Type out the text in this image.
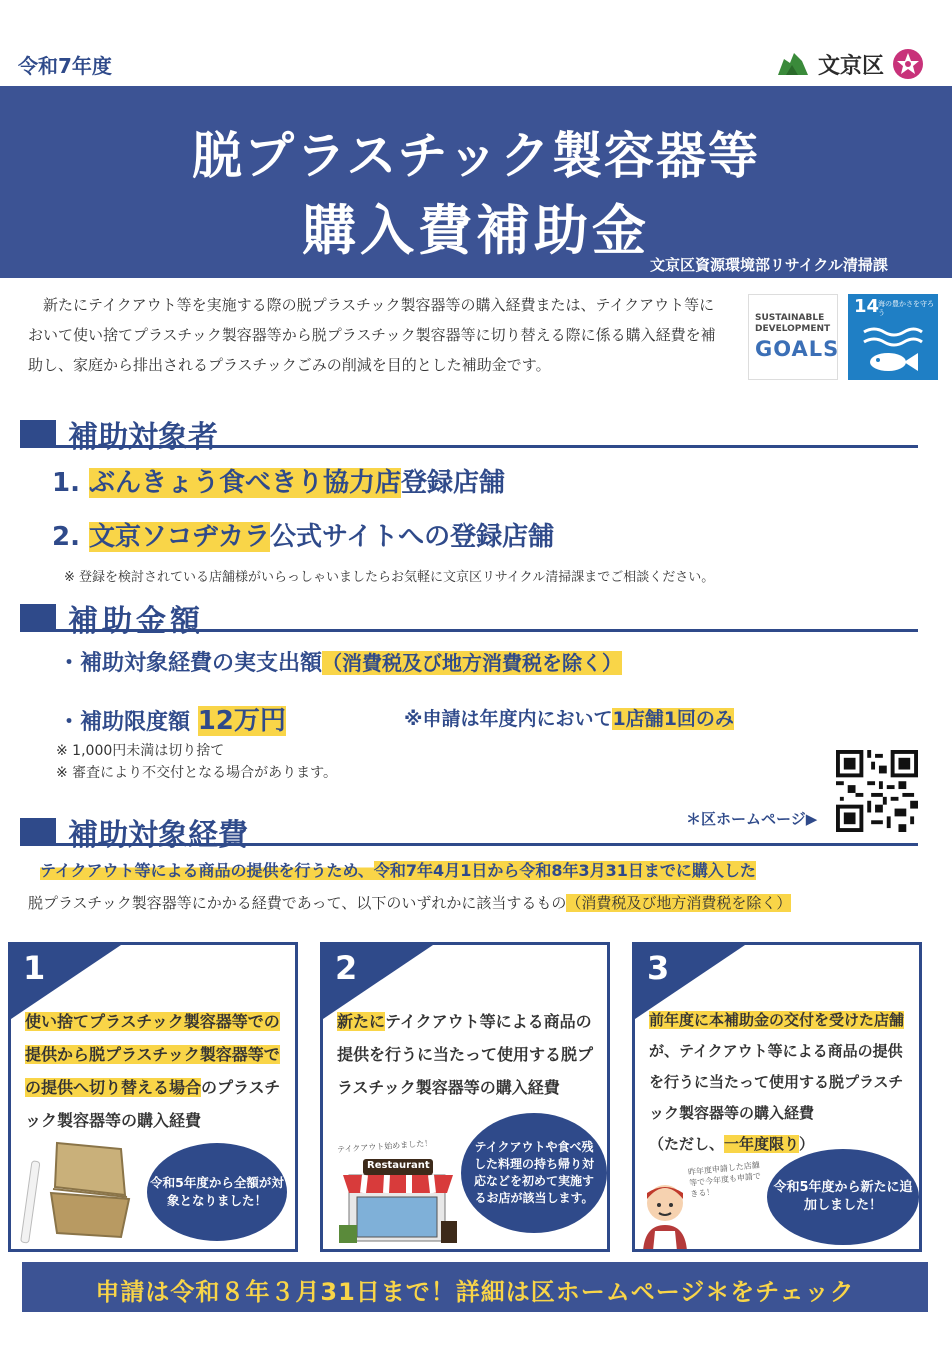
令和7年度	文京区
脱プラスチック製容器等
購入費補助金
文京区資源環境部リサイクル清掃課

新たにテイクアウト等を実施する際の脱プラスチック製容器等の購入経費または、テイクアウト等において使い捨てプラスチック製容器等から脱プラスチック製容器等に切り替える際に係る購入経費を補助し、家庭から排出されるプラスチックごみの削減を目的とした補助金です。

SUSTAINABLE
DEVELOPMENT
GOALS
14
海の豊かさを守ろう
補助対象者
1. ぶんきょう食べきり協力店登録店舗
2. 文京ソコヂカラ公式サイトへの登録店舗
※ 登録を検討されている店舗様がいらっしゃいましたらお気軽に文京区リサイクル清掃課までご相談ください。
補助金額
・補助対象経費の実支出額（消費税及び地方消費税を除く）
・補助限度額 12万円	※申請は年度内において1店舗1回のみ
※ 1,000円未満は切り捨て
※ 審査により不交付となる場合があります。
補助対象経費	＊区ホームページ▶
テイクアウト等による商品の提供を行うため、令和7年4月1日から令和8年3月31日までに購入した
脱プラスチック製容器等にかかる経費であって、以下のいずれかに該当するもの（消費税及び地方消費税を除く）
1
使い捨てプラスチック製容器等での提供から脱プラスチック製容器等での提供へ切り替える場合のプラスチック製容器等の購入経費
令和5年度から全額が対象となりました！
2
新たにテイクアウト等による商品の提供を行うに当たって使用する脱プラスチック製容器等の購入経費
テイクアウト始めました！
Restaurant
テイクアウトや食べ残した料理の持ち帰り対応などを初めて実施するお店が該当します。
3
前年度に本補助金の交付を受けた店舗が、テイクアウト等による商品の提供を行うに当たって使用する脱プラスチック製容器等の購入経費
（ただし、一年度限り）
昨年度申請した店舗等で今年度も申請できる！	令和5年度から新たに追加しました！
申請は令和８年３月31日まで！詳細は区ホームページ＊をチェック
